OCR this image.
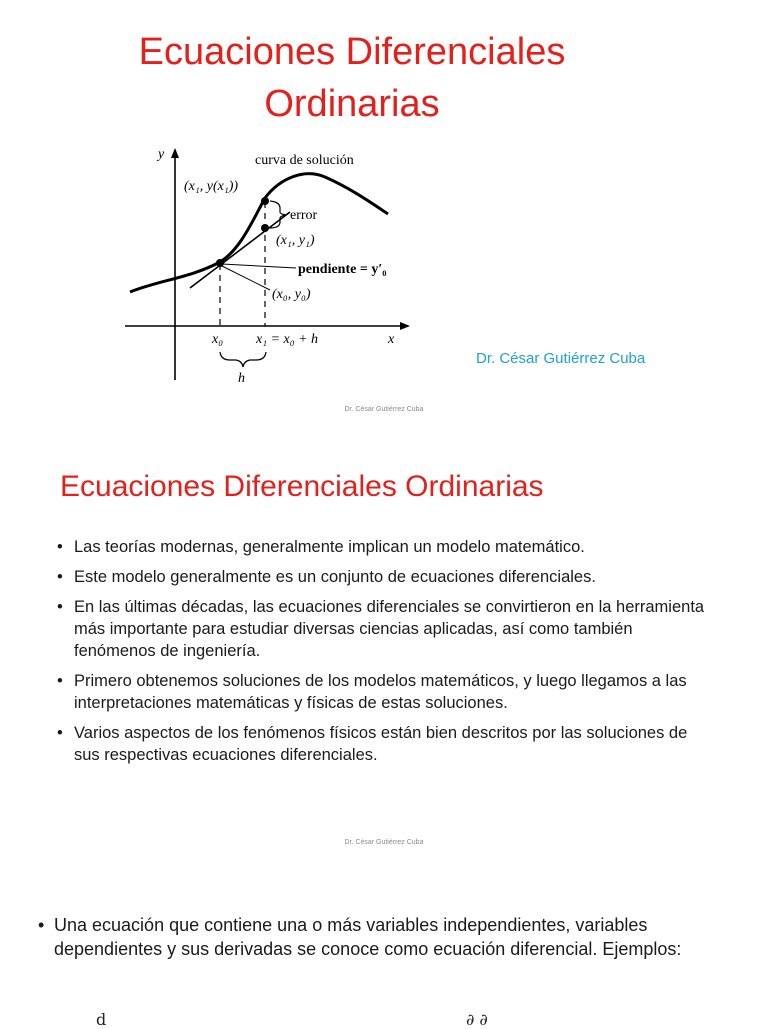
Ecuaciones Diferenciales
Ordinarias
y
x
curva de solución
(x₁, y(x₁))
error
(x₁, y₁)
pendiente = y′₀
(x₀, y₀)
x₀ x₁ = x₀ + h
h
Dr. César Gutiérrez Cuba
Dr. César Gutiérrez Cuba
Ecuaciones Diferenciales Ordinarias
• Las teorías modernas, generalmente implican un modelo matemático.
• Este modelo generalmente es un conjunto de ecuaciones diferenciales.
• En las últimas décadas, las ecuaciones diferenciales se convirtieron en la herramienta más importante para estudiar diversas ciencias aplicadas, así como también fenómenos de ingeniería.
• Primero obtenemos soluciones de los modelos matemáticos, y luego llegamos a las interpretaciones matemáticas y físicas de estas soluciones.
• Varios aspectos de los fenómenos físicos están bien descritos por las soluciones de sus respectivas ecuaciones diferenciales.
Dr. César Gutiérrez Cuba

• Una ecuación que contiene una o más variables independientes, variables dependientes y sus derivadas se conoce como ecuación diferencial. Ejemplos:

d	∂ ∂
